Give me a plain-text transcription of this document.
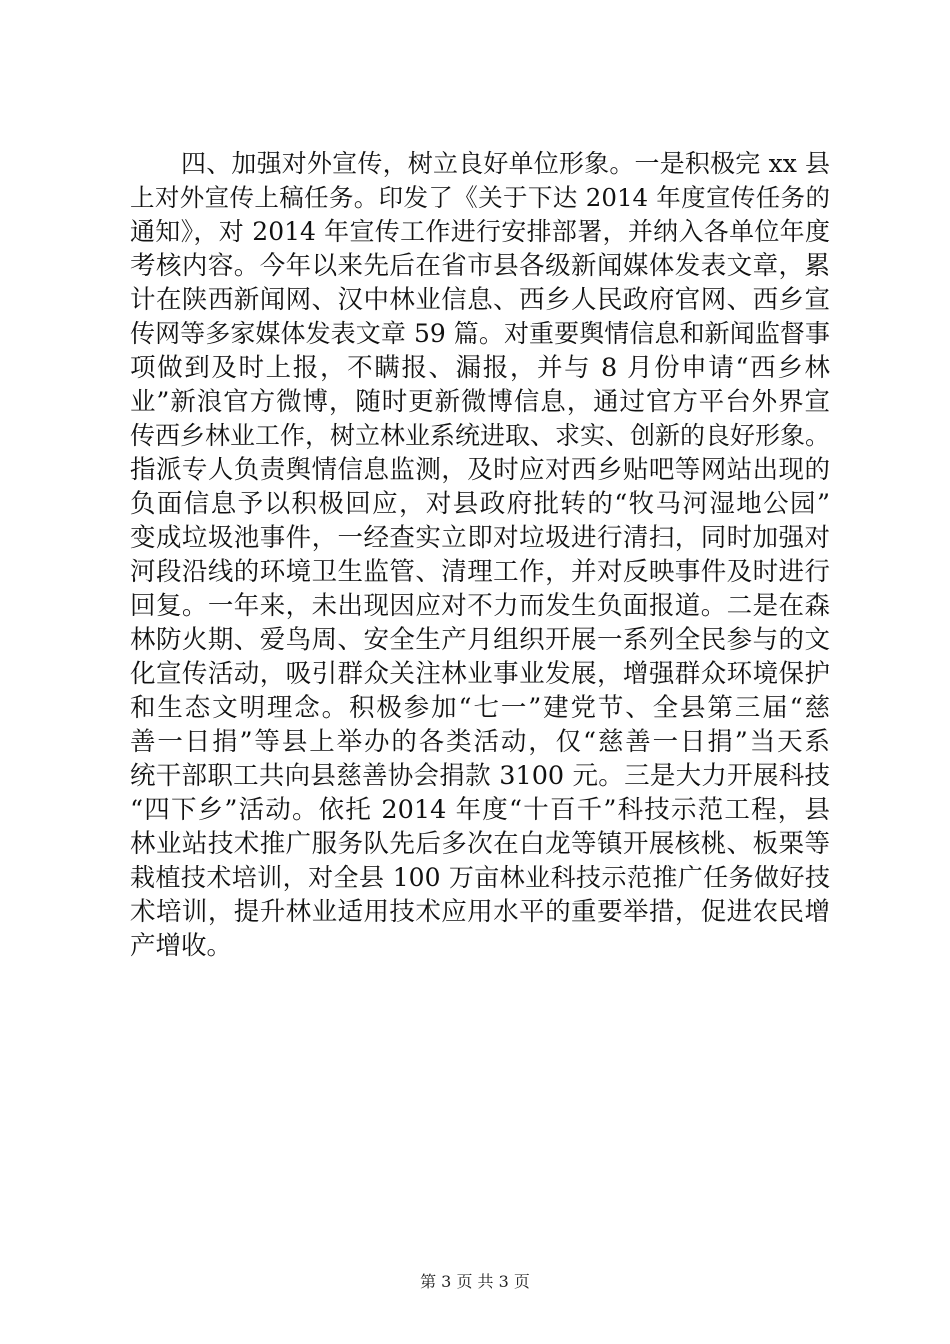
四、加强对外宣传，树立良好单位形象。一是积极完 xx 县
上对外宣传上稿任务。印发了《关于下达 2014 年度宣传任务的
通知》，对 2014 年宣传工作进行安排部署，并纳入各单位年度
考核内容。今年以来先后在省市县各级新闻媒体发表文章，累
计在陕西新闻网、汉中林业信息、西乡人民政府官网、西乡宣
传网等多家媒体发表文章 59 篇。对重要舆情信息和新闻监督事
项做到及时上报，不瞒报、漏报，并与 8 月份申请“西乡林
业”新浪官方微博，随时更新微博信息，通过官方平台外界宣
传西乡林业工作，树立林业系统进取、求实、创新的良好形象。
指派专人负责舆情信息监测，及时应对西乡贴吧等网站出现的
负面信息予以积极回应，对县政府批转的“牧马河湿地公园”
变成垃圾池事件，一经查实立即对垃圾进行清扫，同时加强对
河段沿线的环境卫生监管、清理工作，并对反映事件及时进行
回复。一年来，未出现因应对不力而发生负面报道。二是在森
林防火期、爱鸟周、安全生产月组织开展一系列全民参与的文
化宣传活动，吸引群众关注林业事业发展，增强群众环境保护
和生态文明理念。积极参加“七一”建党节、全县第三届“慈
善一日捐”等县上举办的各类活动，仅“慈善一日捐”当天系
统干部职工共向县慈善协会捐款 3100 元。三是大力开展科技
“四下乡”活动。依托 2014 年度“十百千”科技示范工程，县
林业站技术推广服务队先后多次在白龙等镇开展核桃、板栗等
栽植技术培训，对全县 100 万亩林业科技示范推广任务做好技
术培训，提升林业适用技术应用水平的重要举措，促进农民增
产增收。
第 3 页 共 3 页
